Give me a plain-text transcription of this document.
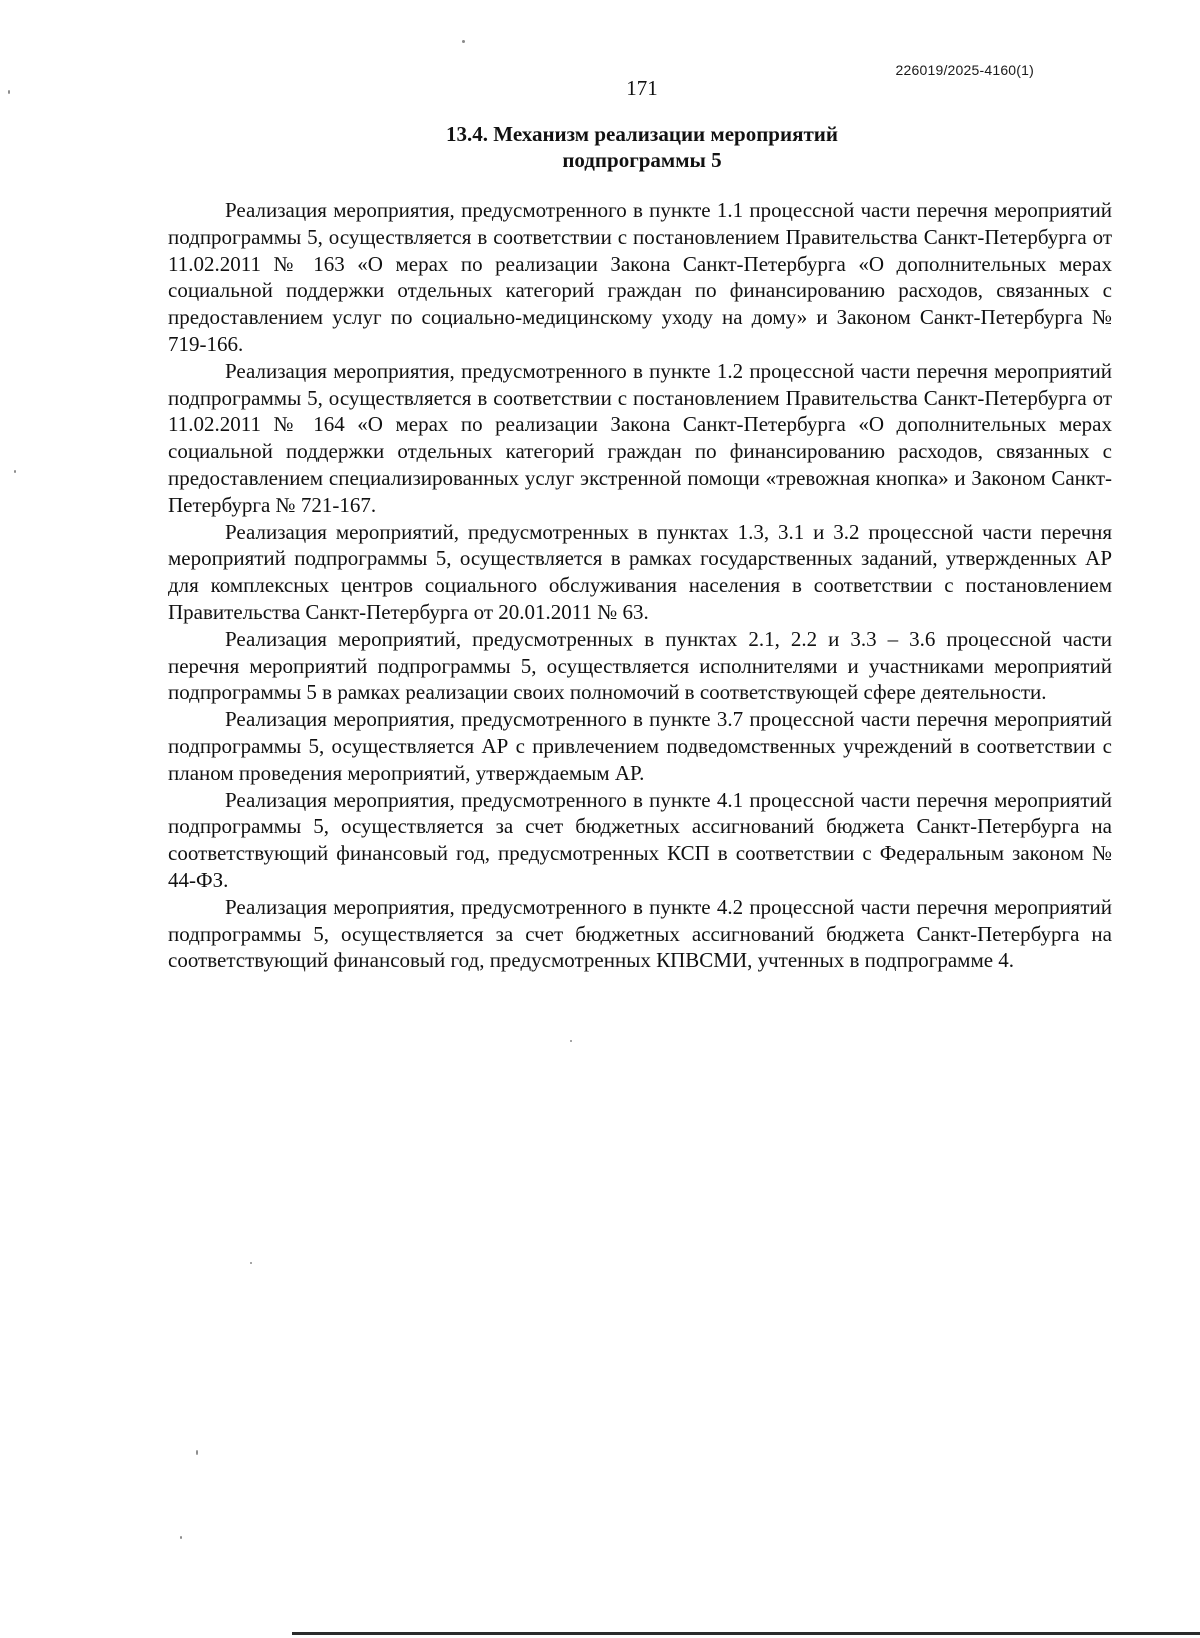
226019/2025-4160(1)
171
13.4. Механизм реализации мероприятий
подпрограммы 5

Реализация мероприятия, предусмотренного в пункте 1.1 процессной части перечня мероприятий подпрограммы 5, осуществляется в соответствии с постановлением Правительства Санкт-Петербурга от 11.02.2011 № 163 «О мерах по реализации Закона Санкт-Петербурга «О дополнительных мерах социальной поддержки отдельных категорий граждан по финансированию расходов, связанных с предоставлением услуг по социально-медицинскому уходу на дому» и Законом Санкт-Петербурга № 719-166.

Реализация мероприятия, предусмотренного в пункте 1.2 процессной части перечня мероприятий подпрограммы 5, осуществляется в соответствии с постановлением Правительства Санкт-Петербурга от 11.02.2011 № 164 «О мерах по реализации Закона Санкт-Петербурга «О дополнительных мерах социальной поддержки отдельных категорий граждан по финансированию расходов, связанных с предоставлением специализированных услуг экстренной помощи «тревожная кнопка» и Законом Санкт-Петербурга № 721-167.

Реализация мероприятий, предусмотренных в пунктах 1.3, 3.1 и 3.2 процессной части перечня мероприятий подпрограммы 5, осуществляется в рамках государственных заданий, утвержденных АР для комплексных центров социального обслуживания населения в соответствии с постановлением Правительства Санкт-Петербурга от 20.01.2011 № 63.

Реализация мероприятий, предусмотренных в пунктах 2.1, 2.2 и 3.3 – 3.6 процессной части перечня мероприятий подпрограммы 5, осуществляется исполнителями и участниками мероприятий подпрограммы 5 в рамках реализации своих полномочий в соответствующей сфере деятельности.

Реализация мероприятия, предусмотренного в пункте 3.7 процессной части перечня мероприятий подпрограммы 5, осуществляется АР с привлечением подведомственных учреждений в соответствии с планом проведения мероприятий, утверждаемым АР.

Реализация мероприятия, предусмотренного в пункте 4.1 процессной части перечня мероприятий подпрограммы 5, осуществляется за счет бюджетных ассигнований бюджета Санкт-Петербурга на соответствующий финансовый год, предусмотренных КСП в соответствии с Федеральным законом № 44-ФЗ.

Реализация мероприятия, предусмотренного в пункте 4.2 процессной части перечня мероприятий подпрограммы 5, осуществляется за счет бюджетных ассигнований бюджета Санкт-Петербурга на соответствующий финансовый год, предусмотренных КПВСМИ, учтенных в подпрограмме 4.
